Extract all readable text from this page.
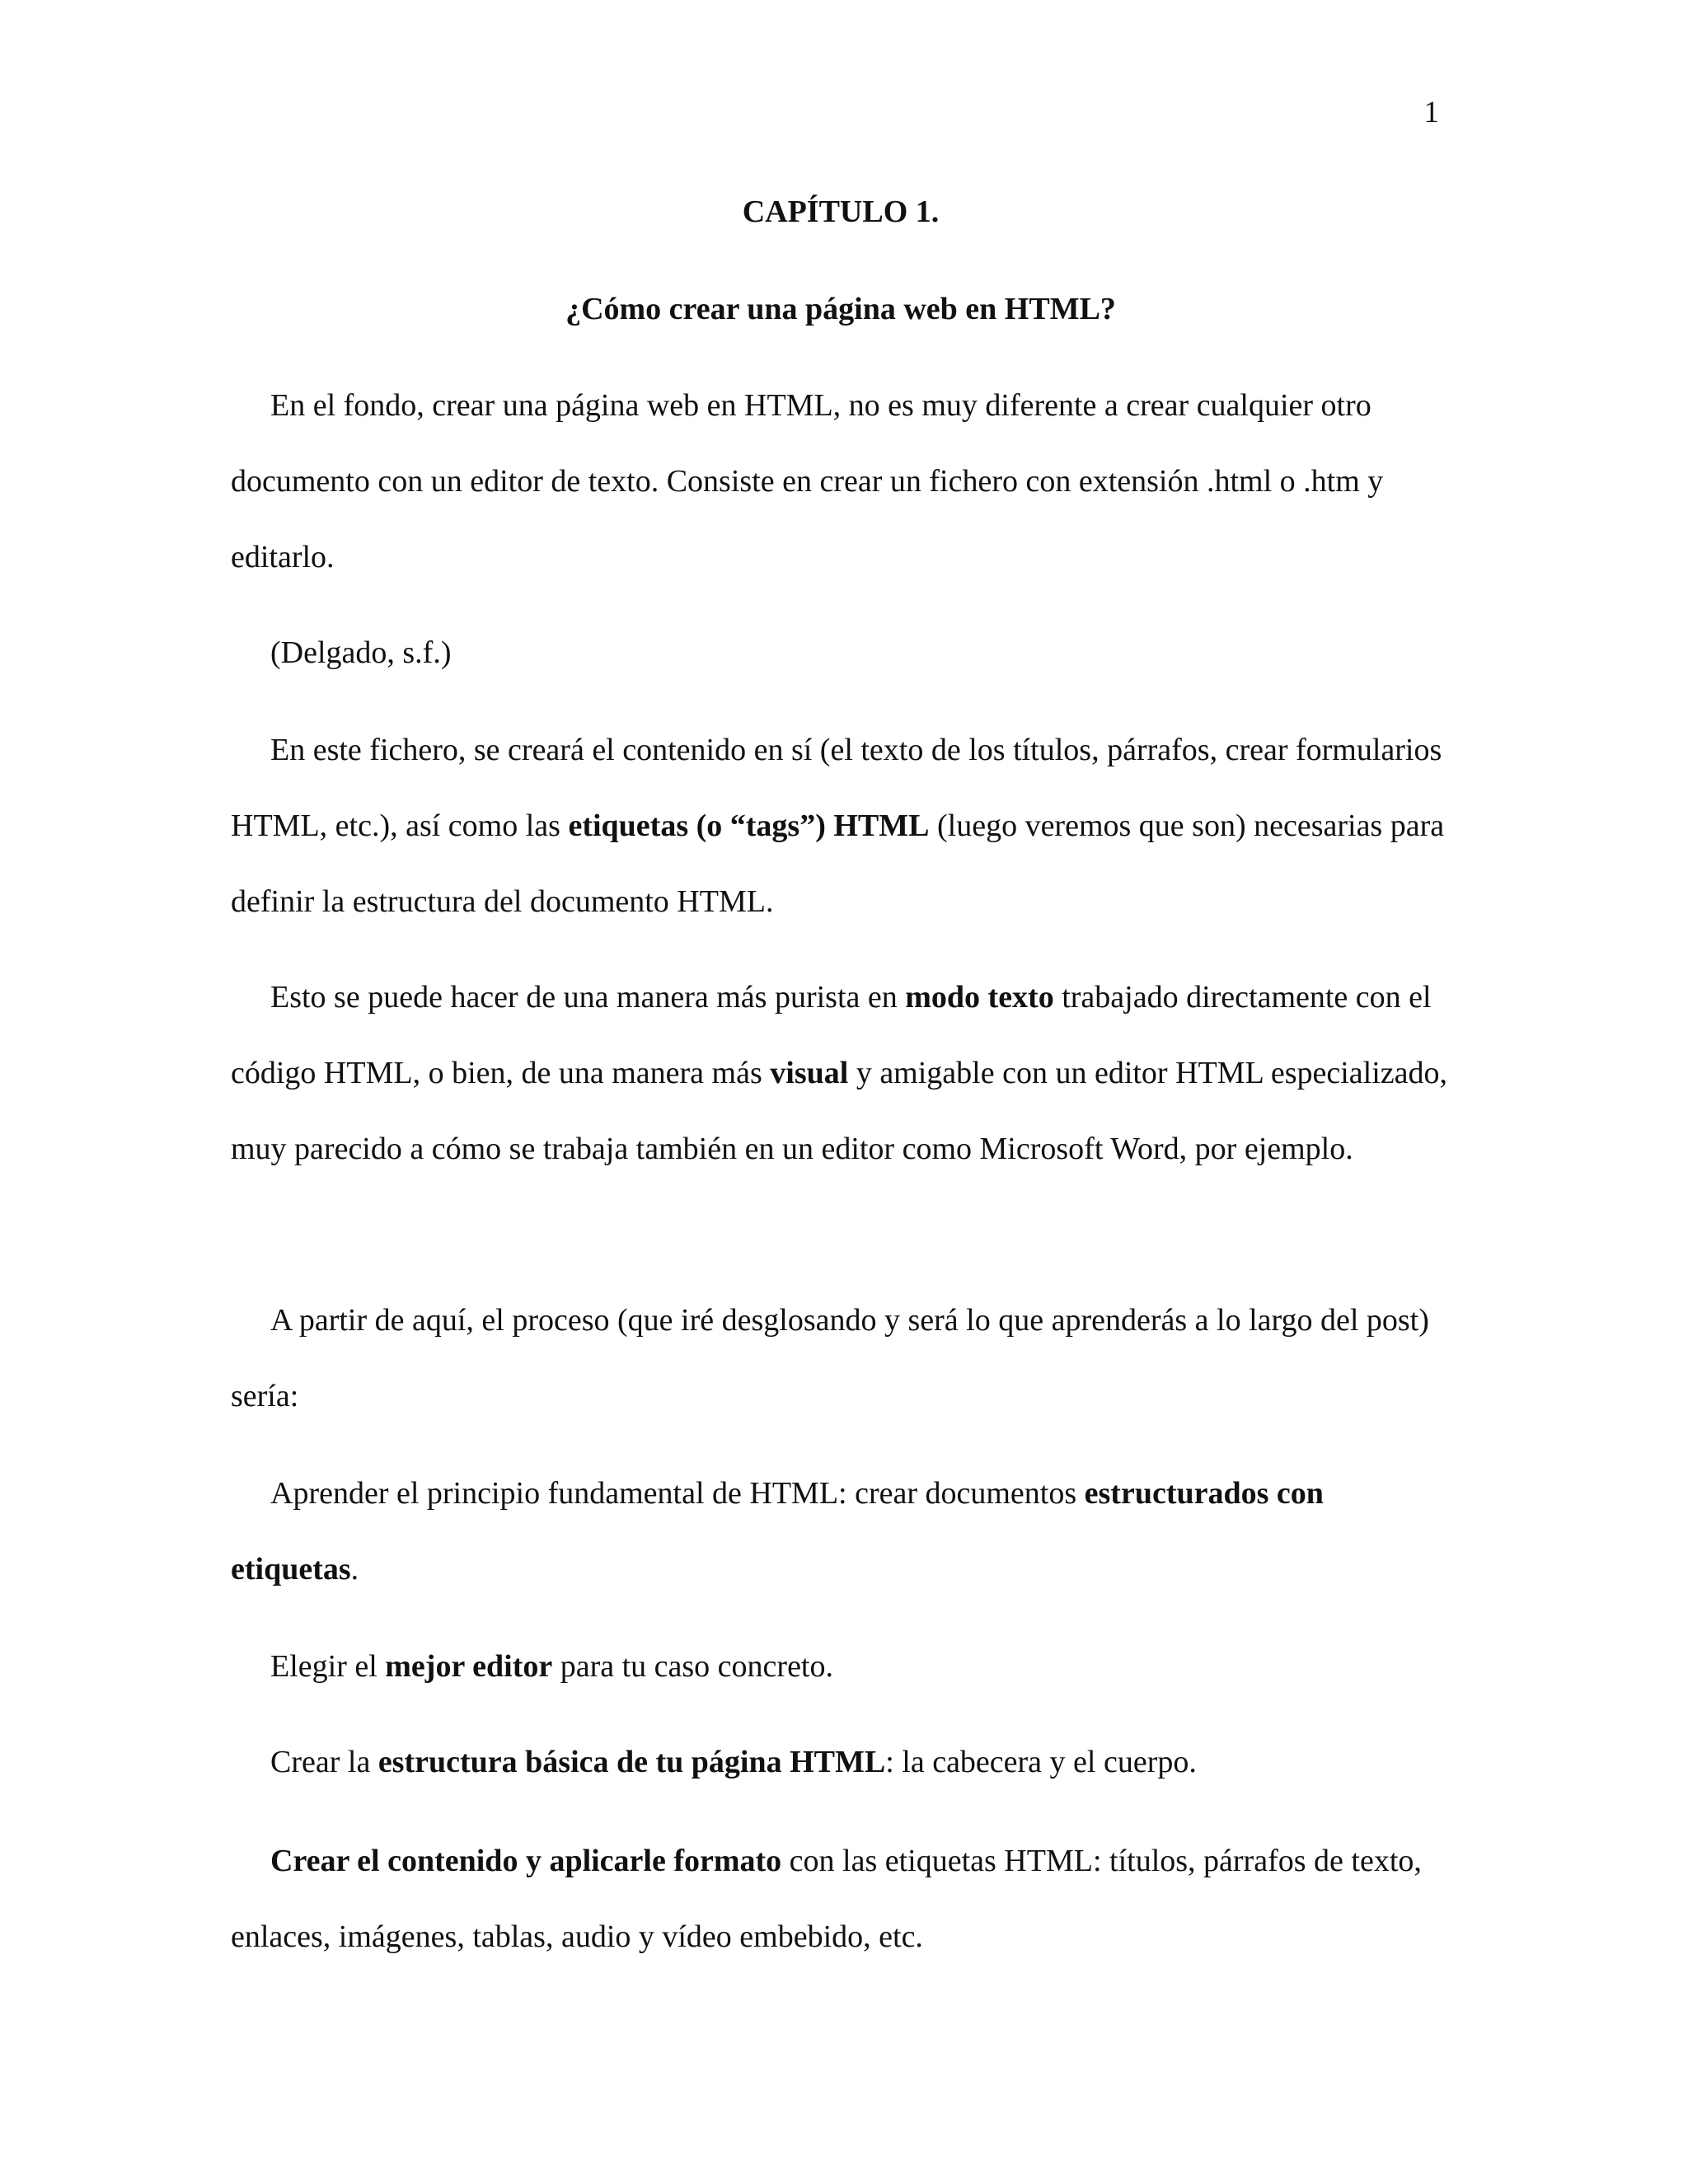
1
CAPÍTULO 1.
¿Cómo crear una página web en HTML?

En el fondo, crear una página web en HTML, no es muy diferente a crear cualquier otro documento con un editor de texto. Consiste en crear un fichero con extensión .html o .htm y editarlo.

(Delgado, s.f.)

En este fichero, se creará el contenido en sí (el texto de los títulos, párrafos, crear formularios HTML, etc.), así como las etiquetas (o “tags”) HTML (luego veremos que son) necesarias para definir la estructura del documento HTML.

Esto se puede hacer de una manera más purista en modo texto trabajado directamente con el código HTML, o bien, de una manera más visual y amigable con un editor HTML especializado, muy parecido a cómo se trabaja también en un editor como Microsoft Word, por ejemplo.

A partir de aquí, el proceso (que iré desglosando y será lo que aprenderás a lo largo del post) sería:

Aprender el principio fundamental de HTML: crear documentos estructurados con etiquetas.

Elegir el mejor editor para tu caso concreto.

Crear la estructura básica de tu página HTML: la cabecera y el cuerpo.

Crear el contenido y aplicarle formato con las etiquetas HTML: títulos, párrafos de texto, enlaces, imágenes, tablas, audio y vídeo embebido, etc.
